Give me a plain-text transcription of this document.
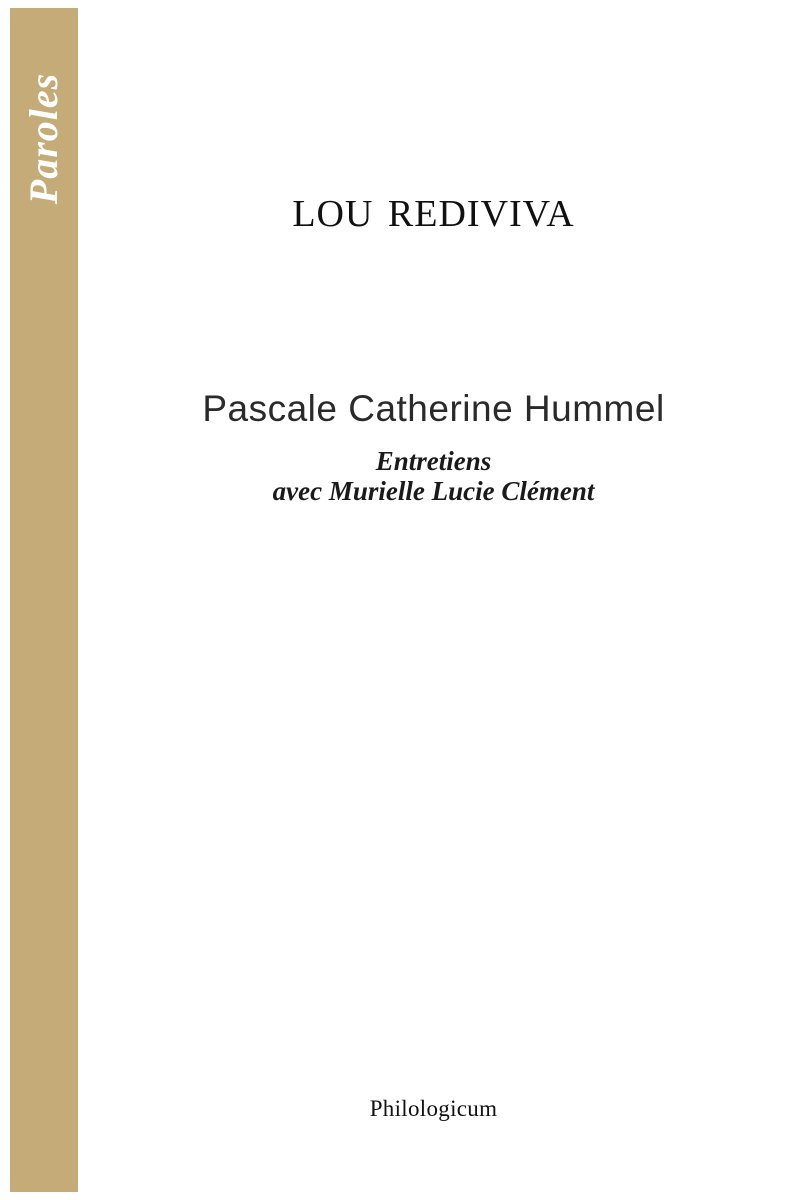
Paroles
lou rediviva
Pascale Catherine Hummel
Entretiens
avec Murielle Lucie Clément
Philologicum
